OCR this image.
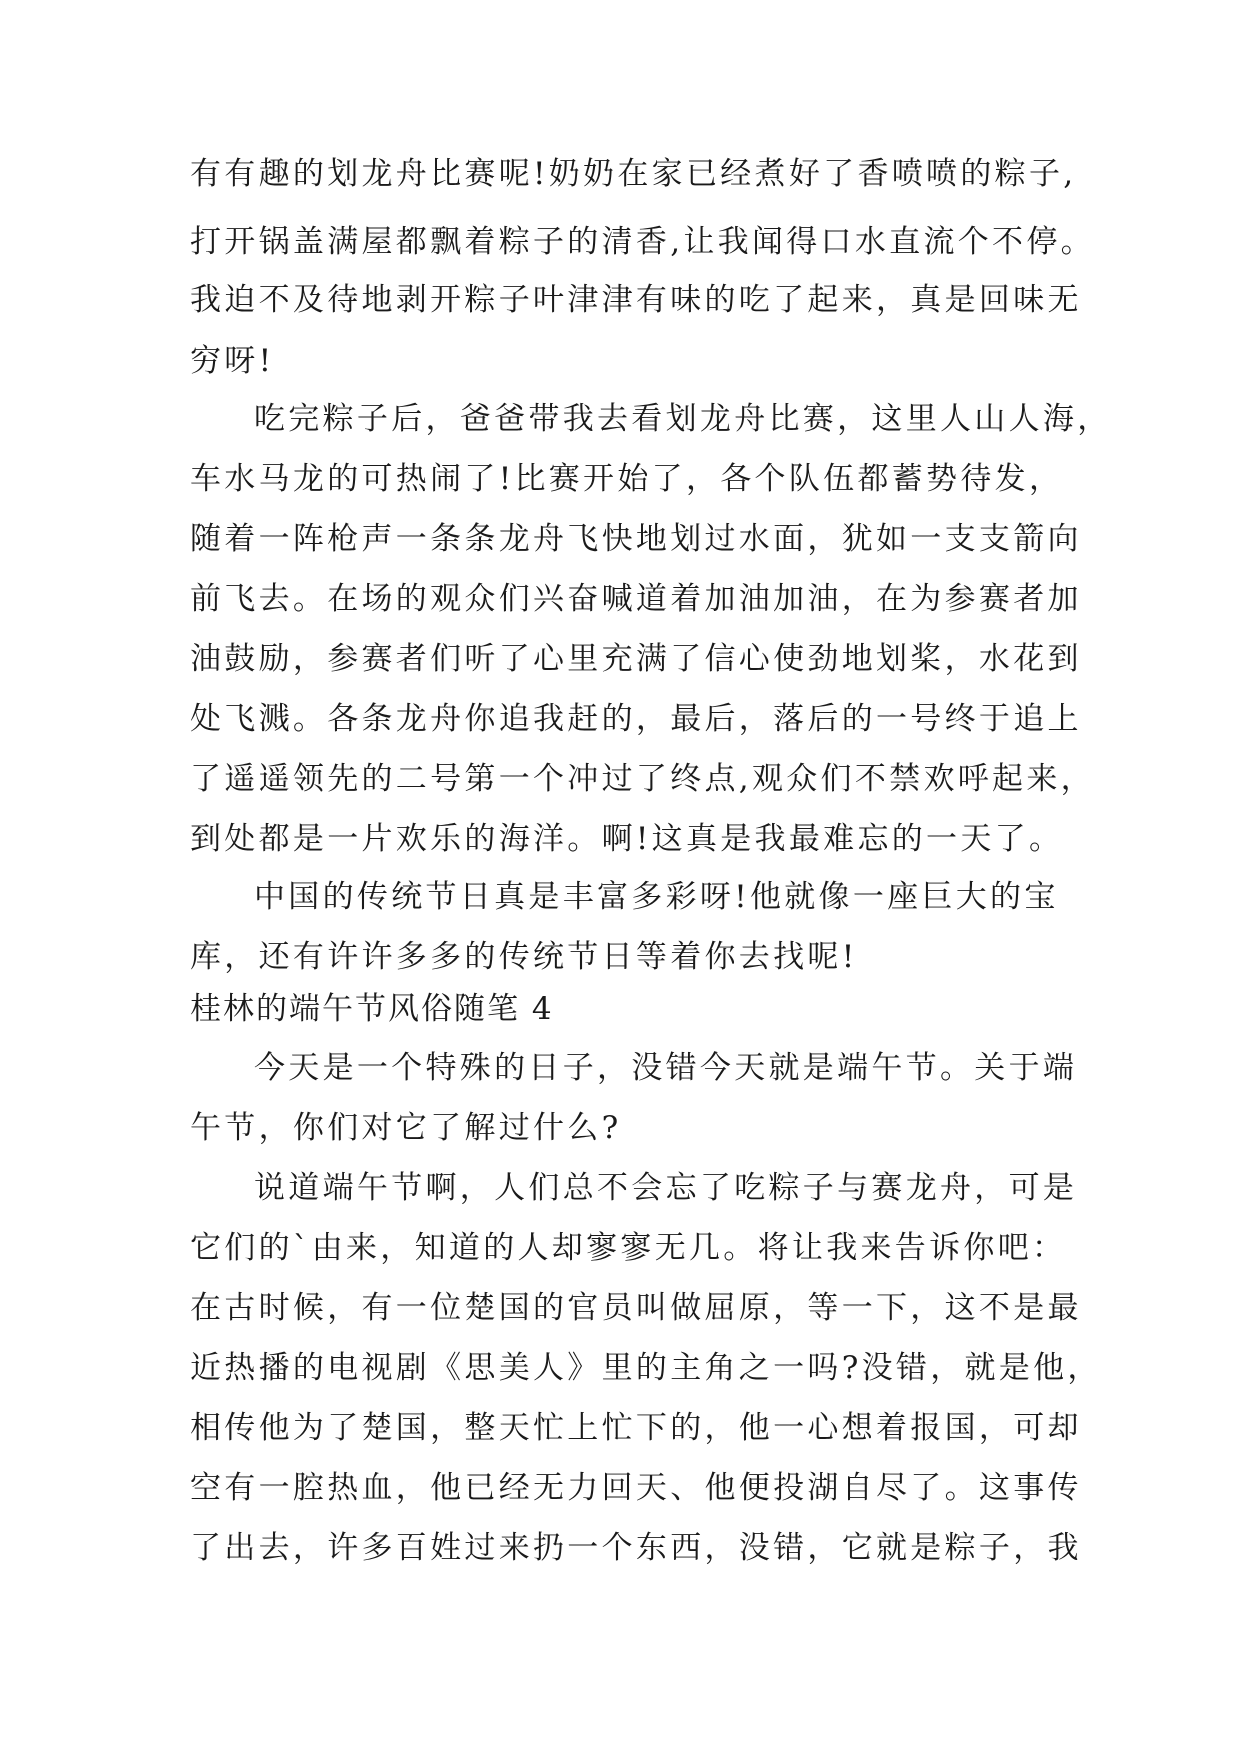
有有趣的划龙舟比赛呢!奶奶在家已经煮好了香喷喷的粽子,
打开锅盖满屋都飘着粽子的清香,让我闻得口水直流个不停。
我迫不及待地剥开粽子叶津津有味的吃了起来，真是回味无
穷呀!
吃完粽子后，爸爸带我去看划龙舟比赛，这里人山人海，
车水马龙的可热闹了!比赛开始了，各个队伍都蓄势待发，
随着一阵枪声一条条龙舟飞快地划过水面，犹如一支支箭向
前飞去。在场的观众们兴奋喊道着加油加油，在为参赛者加
油鼓励，参赛者们听了心里充满了信心使劲地划桨，水花到
处飞溅。各条龙舟你追我赶的，最后，落后的一号终于追上
了遥遥领先的二号第一个冲过了终点,观众们不禁欢呼起来，
到处都是一片欢乐的海洋。啊!这真是我最难忘的一天了。
中国的传统节日真是丰富多彩呀!他就像一座巨大的宝
库，还有许许多多的传统节日等着你去找呢!
桂林的端午节风俗随笔 4
今天是一个特殊的日子，没错今天就是端午节。关于端
午节，你们对它了解过什么?
说道端午节啊，人们总不会忘了吃粽子与赛龙舟，可是
它们的`由来，知道的人却寥寥无几。将让我来告诉你吧：
在古时候，有一位楚国的官员叫做屈原，等一下，这不是最
近热播的电视剧《思美人》里的主角之一吗?没错，就是他，
相传他为了楚国，整天忙上忙下的，他一心想着报国，可却
空有一腔热血，他已经无力回天、他便投湖自尽了。这事传
了出去，许多百姓过来扔一个东西，没错，它就是粽子，我
